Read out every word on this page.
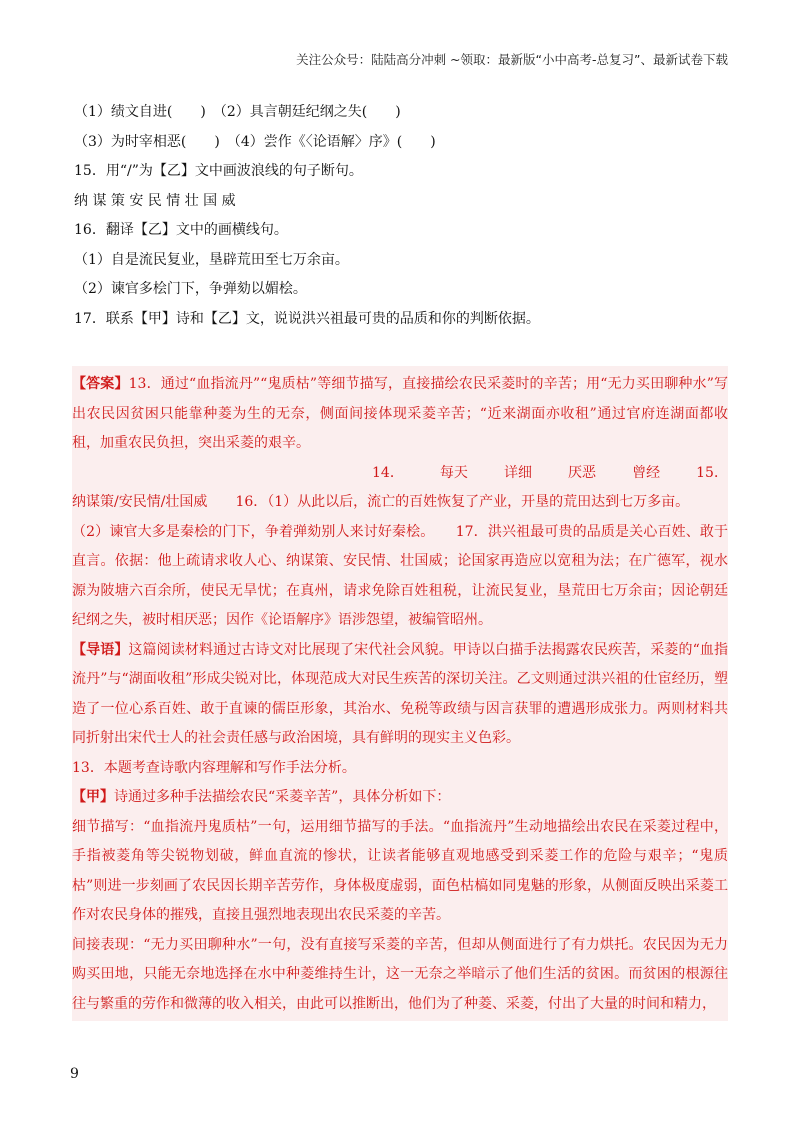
关注公众号：陆陆高分冲刺 ~领取：最新版“小中高考-总复习”、最新试卷下载
（1）绩文自进(　　)　（2）具言朝廷纪纲之失(　　)
（3）为时宰相恶(　　)　（4）尝作《〈论语解〉序》(　　)
15．用“/”为【乙】文中画波浪线的句子断句。
纳 谋 策 安 民 情 壮 国 威
16．翻译【乙】文中的画横线句。
（1）自是流民复业，垦辟荒田至七万余亩。
（2）谏官多桧门下，争弹劾以媚桧。
17．联系【甲】诗和【乙】文，说说洪兴祖最可贵的品质和你的判断依据。

【答案】13．通过“血指流丹”“鬼质枯”等细节描写，直接描绘农民采菱时的辛苦；用“无力买田聊种水”写出农民因贫困只能靠种菱为生的无奈，侧面间接体现采菱辛苦；“近来湖面亦收租”通过官府连湖面都收租，加重农民负担，突出采菱的艰辛。

14．	每天	详细	厌恶	曾经	15．

纳谋策/安民情/壮国威　　 16．（1）从此以后，流亡的百姓恢复了产业，开垦的荒田达到七万多亩。

（2）谏官大多是秦桧的门下，争着弹劾别人来讨好秦桧。　　 17．洪兴祖最可贵的品质是关心百姓、敢于直言。依据：他上疏请求收人心、纳谋策、安民情、壮国威；论国家再造应以宽租为法；在广德军，视水源为陂塘六百余所，使民无旱忧；在真州，请求免除百姓租税，让流民复业，垦荒田七万余亩；因论朝廷纪纲之失，被时相厌恶；因作《论语解序》语涉怨望，被编管昭州。

【导语】这篇阅读材料通过古诗文对比展现了宋代社会风貌。甲诗以白描手法揭露农民疾苦，采菱的“血指流丹”与“湖面收租”形成尖锐对比，体现范成大对民生疾苦的深切关注。乙文则通过洪兴祖的仕宦经历，塑造了一位心系百姓、敢于直谏的儒臣形象，其治水、免税等政绩与因言获罪的遭遇形成张力。两则材料共同折射出宋代士人的社会责任感与政治困境，具有鲜明的现实主义色彩。

13．本题考查诗歌内容理解和写作手法分析。

【甲】诗通过多种手法描绘农民“采菱辛苦”，具体分析如下：

细节描写：“血指流丹鬼质枯”一句，运用细节描写的手法。“血指流丹”生动地描绘出农民在采菱过程中，手指被菱角等尖锐物划破，鲜血直流的惨状，让读者能够直观地感受到采菱工作的危险与艰辛；“鬼质枯”则进一步刻画了农民因长期辛苦劳作，身体极度虚弱，面色枯槁如同鬼魅的形象，从侧面反映出采菱工作对农民身体的摧残，直接且强烈地表现出农民采菱的辛苦。

间接表现：“无力买田聊种水”一句，没有直接写采菱的辛苦，但却从侧面进行了有力烘托。农民因为无力购买田地，只能无奈地选择在水中种菱维持生计，这一无奈之举暗示了他们生活的贫困。而贫困的根源往往与繁重的劳作和微薄的收入相关，由此可以推断出，他们为了种菱、采菱，付出了大量的时间和精力，

9
